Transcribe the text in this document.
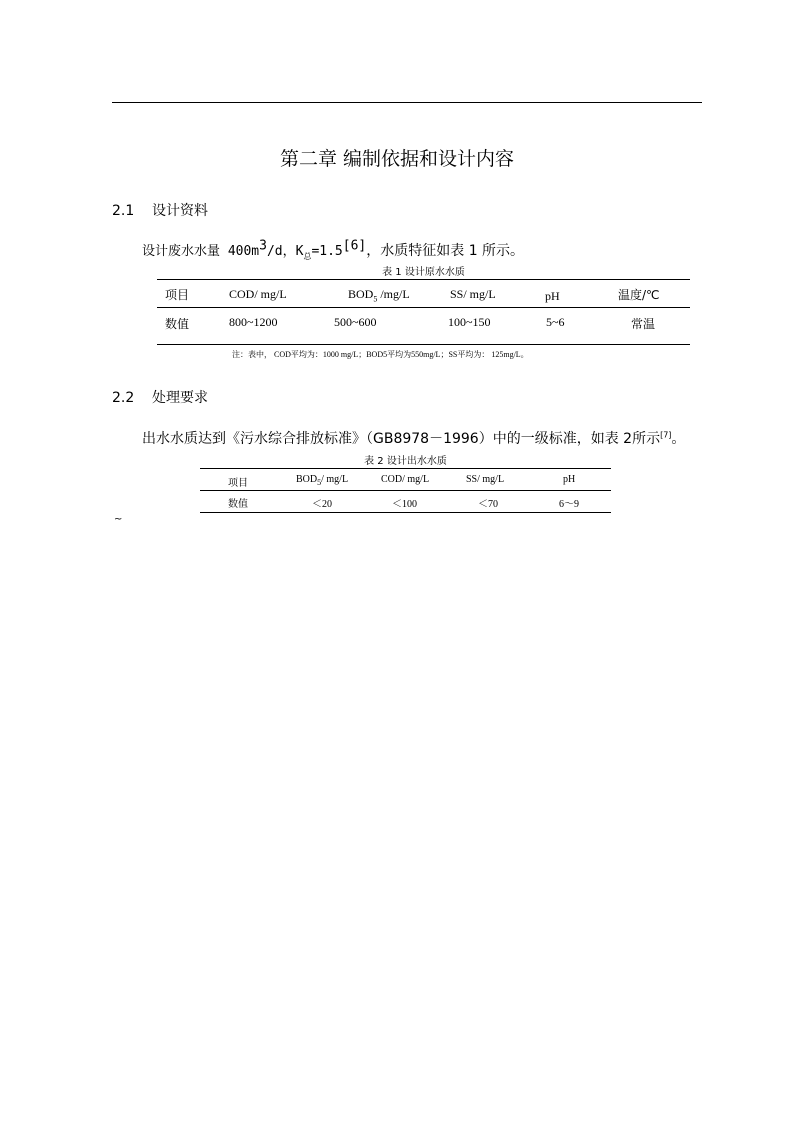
第二章 编制依据和设计内容
2.1 设计资料
设计废水水量 $400m^3/d$，$K_总=1.5[6]$，水质特征如表 1 所示。
表 1 设计原水水质
项目	COD/ mg/L	$BOD_5$ /mg/L	SS/ mg/L	pH	温度/℃
数值	800~1200	500~600	100~150	5~6	常温
注：表中， COD平均为：1000 mg/L；BOD5平均为550mg/L；SS平均为： 125mg/L。
2.2 处理要求
出水水质达到《污水综合排放标准》（GB8978－1996）中的一级标准，如表 2所示[7]。
表 2 设计出水水质
项目	$BOD_5/$ mg/L	COD/ mg/L	SS/ mg/L	pH
数值	＜20	＜100	＜70	6～9
~
